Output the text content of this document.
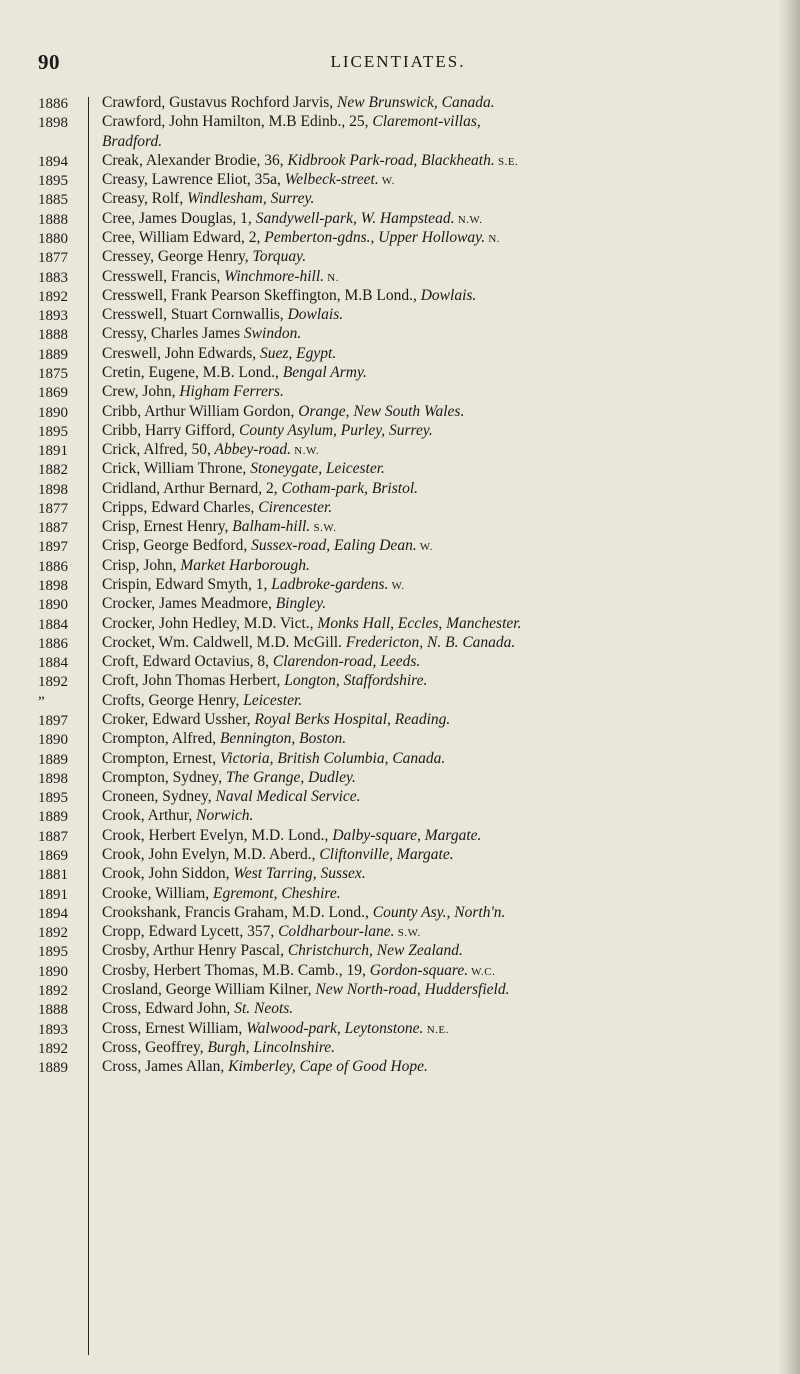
90	LICENTIATES.
1886	Crawford, Gustavus Rochford Jarvis, New Brunswick, Canada.
1898	Crawford, John Hamilton, M.B Edinb., 25, Claremont-villas,
Bradford.
1894	Creak, Alexander Brodie, 36, Kidbrook Park-road, Blackheath. S.E.
1895	Creasy, Lawrence Eliot, 35a, Welbeck-street. W.
1885	Creasy, Rolf, Windlesham, Surrey.
1888	Cree, James Douglas, 1, Sandywell-park, W. Hampstead. N.W.
1880	Cree, William Edward, 2, Pemberton-gdns., Upper Holloway. N.
1877	Cressey, George Henry, Torquay.
1883	Cresswell, Francis, Winchmore-hill. N.
1892	Cresswell, Frank Pearson Skeffington, M.B Lond., Dowlais.
1893	Cresswell, Stuart Cornwallis, Dowlais.
1888	Cressy, Charles James Swindon.
1889	Creswell, John Edwards, Suez, Egypt.
1875	Cretin, Eugene, M.B. Lond., Bengal Army.
1869	Crew, John, Higham Ferrers.
1890	Cribb, Arthur William Gordon, Orange, New South Wales.
1895	Cribb, Harry Gifford, County Asylum, Purley, Surrey.
1891	Crick, Alfred, 50, Abbey-road. N.W.
1882	Crick, William Throne, Stoneygate, Leicester.
1898	Cridland, Arthur Bernard, 2, Cotham-park, Bristol.
1877	Cripps, Edward Charles, Cirencester.
1887	Crisp, Ernest Henry, Balham-hill. S.W.
1897	Crisp, George Bedford, Sussex-road, Ealing Dean. W.
1886	Crisp, John, Market Harborough.
1898	Crispin, Edward Smyth, 1, Ladbroke-gardens. W.
1890	Crocker, James Meadmore, Bingley.
1884	Crocker, John Hedley, M.D. Vict., Monks Hall, Eccles, Manchester.
1886	Crocket, Wm. Caldwell, M.D. McGill. Fredericton, N. B. Canada.
1884	Croft, Edward Octavius, 8, Clarendon-road, Leeds.
1892	Croft, John Thomas Herbert, Longton, Staffordshire.
”	Crofts, George Henry, Leicester.
1897	Croker, Edward Ussher, Royal Berks Hospital, Reading.
1890	Crompton, Alfred, Bennington, Boston.
1889	Crompton, Ernest, Victoria, British Columbia, Canada.
1898	Crompton, Sydney, The Grange, Dudley.
1895	Croneen, Sydney, Naval Medical Service.
1889	Crook, Arthur, Norwich.
1887	Crook, Herbert Evelyn, M.D. Lond., Dalby-square, Margate.
1869	Crook, John Evelyn, M.D. Aberd., Cliftonville, Margate.
1881	Crook, John Siddon, West Tarring, Sussex.
1891	Crooke, William, Egremont, Cheshire.
1894	Crookshank, Francis Graham, M.D. Lond., County Asy., North'n.
1892	Cropp, Edward Lycett, 357, Coldharbour-lane. S.W.
1895	Crosby, Arthur Henry Pascal, Christchurch, New Zealand.
1890	Crosby, Herbert Thomas, M.B. Camb., 19, Gordon-square. W.C.
1892	Crosland, George William Kilner, New North-road, Huddersfield.
1888	Cross, Edward John, St. Neots.
1893	Cross, Ernest William, Walwood-park, Leytonstone. N.E.
1892	Cross, Geoffrey, Burgh, Lincolnshire.
1889	Cross, James Allan, Kimberley, Cape of Good Hope.
